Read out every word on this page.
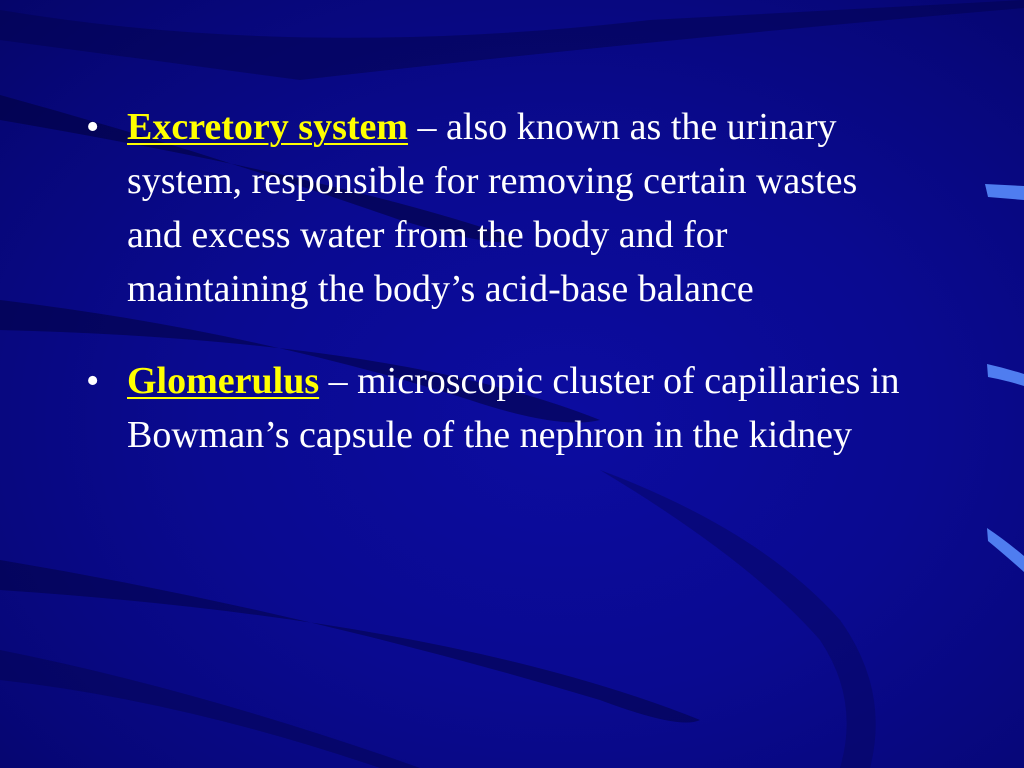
• Excretory system – also known as the urinary system, responsible for removing certain wastes and excess water from the body and for maintaining the body’s acid-base balance
• Glomerulus – microscopic cluster of capillaries in Bowman’s capsule of the nephron in the kidney
